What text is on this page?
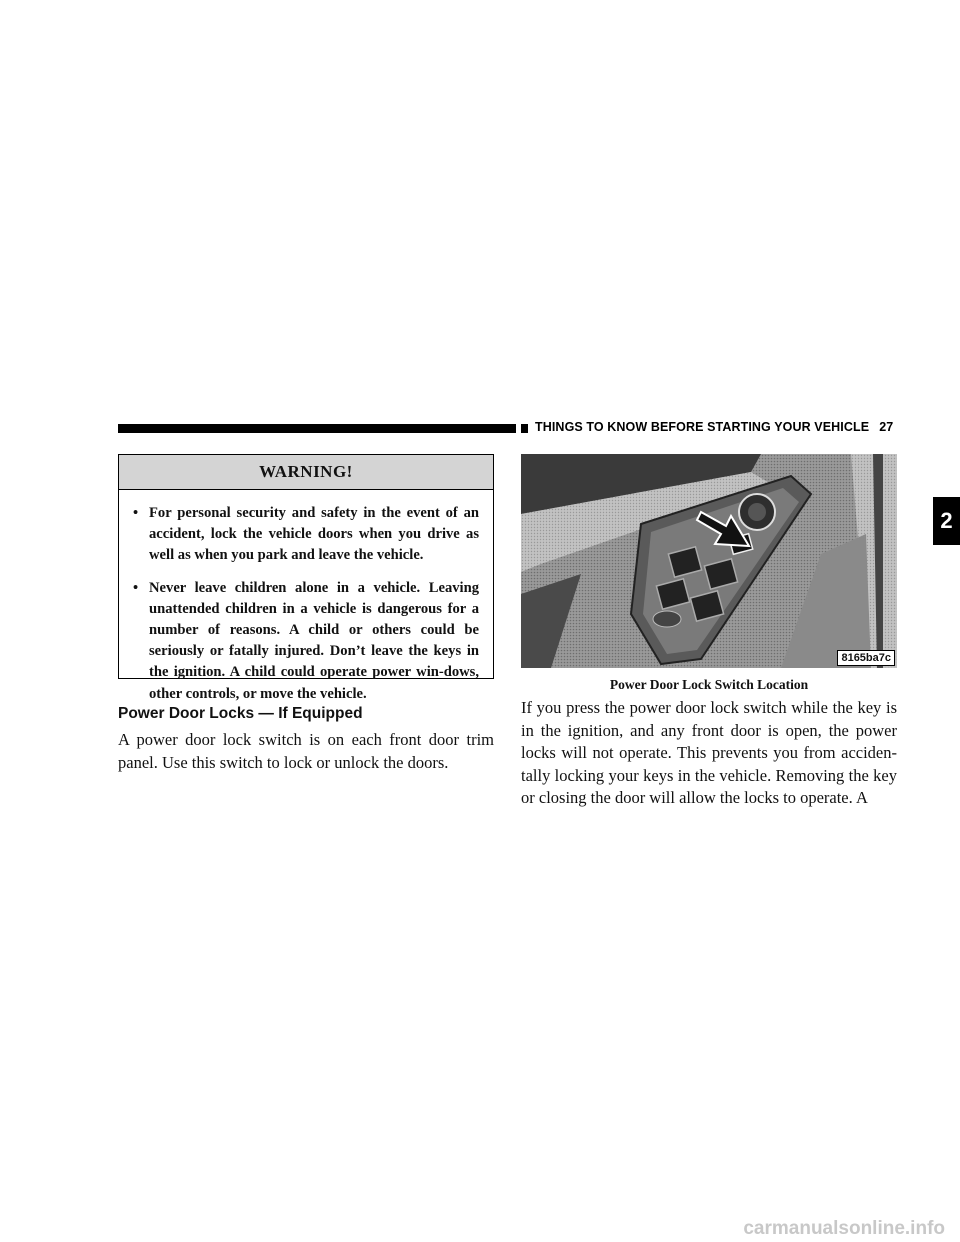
THINGS TO KNOW BEFORE STARTING YOUR VEHICLE 27
2
WARNING!
• For personal security and safety in the event of an accident, lock the vehicle doors when you drive as well as when you park and leave the vehicle.
• Never leave children alone in a vehicle. Leaving unattended children in a vehicle is dangerous for a number of reasons. A child or others could be seriously or fatally injured. Don’t leave the keys in the ignition. A child could operate power win-dows, other controls, or move the vehicle.
Power Door Locks — If Equipped
A power door lock switch is on each front door trim panel. Use this switch to lock or unlock the doors.
8165ba7c
Power Door Lock Switch Location
If you press the power door lock switch while the key is in the ignition, and any front door is open, the power locks will not operate. This prevents you from acciden-tally locking your keys in the vehicle. Removing the key or closing the door will allow the locks to operate. A
carmanualsonline.info
